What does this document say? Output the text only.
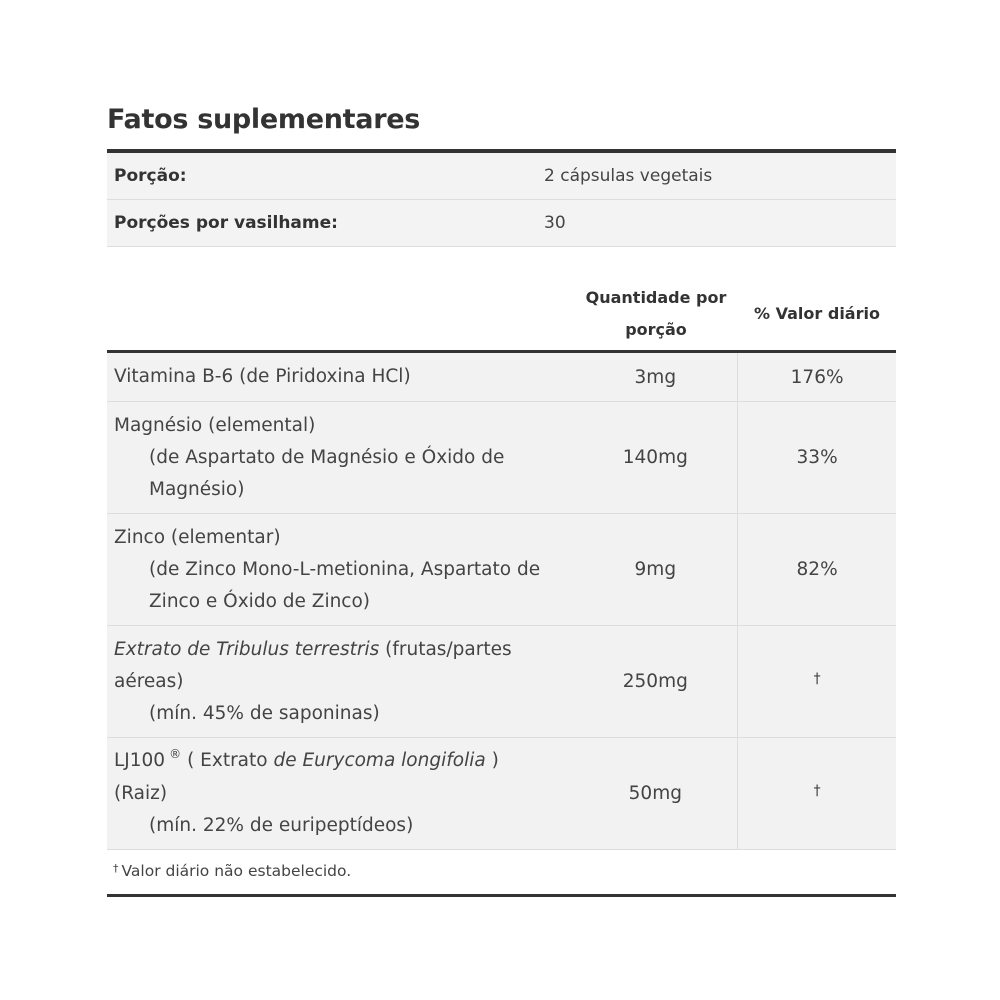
Fatos suplementares
Porção:	2 cápsulas vegetais
Porções por vasilhame:	30
Quantidade por
porção
% Valor diário
Vitamina B-6 (de Piridoxina HCl)	3mg	176%
Magnésio (elemental)
(de Aspartato de Magnésio e Óxido de
Magnésio)
140mg	33%
Zinco (elementar)
(de Zinco Mono-L-metionina, Aspartato de
Zinco e Óxido de Zinco)
9mg	82%
Extrato de Tribulus terrestris (frutas/partes
aéreas)
(mín. 45% de saponinas)
250mg	†
LJ100 ® ( Extrato de Eurycoma longifolia )
(Raiz)
(mín. 22% de euripeptídeos)
50mg	†
† Valor diário não estabelecido.
